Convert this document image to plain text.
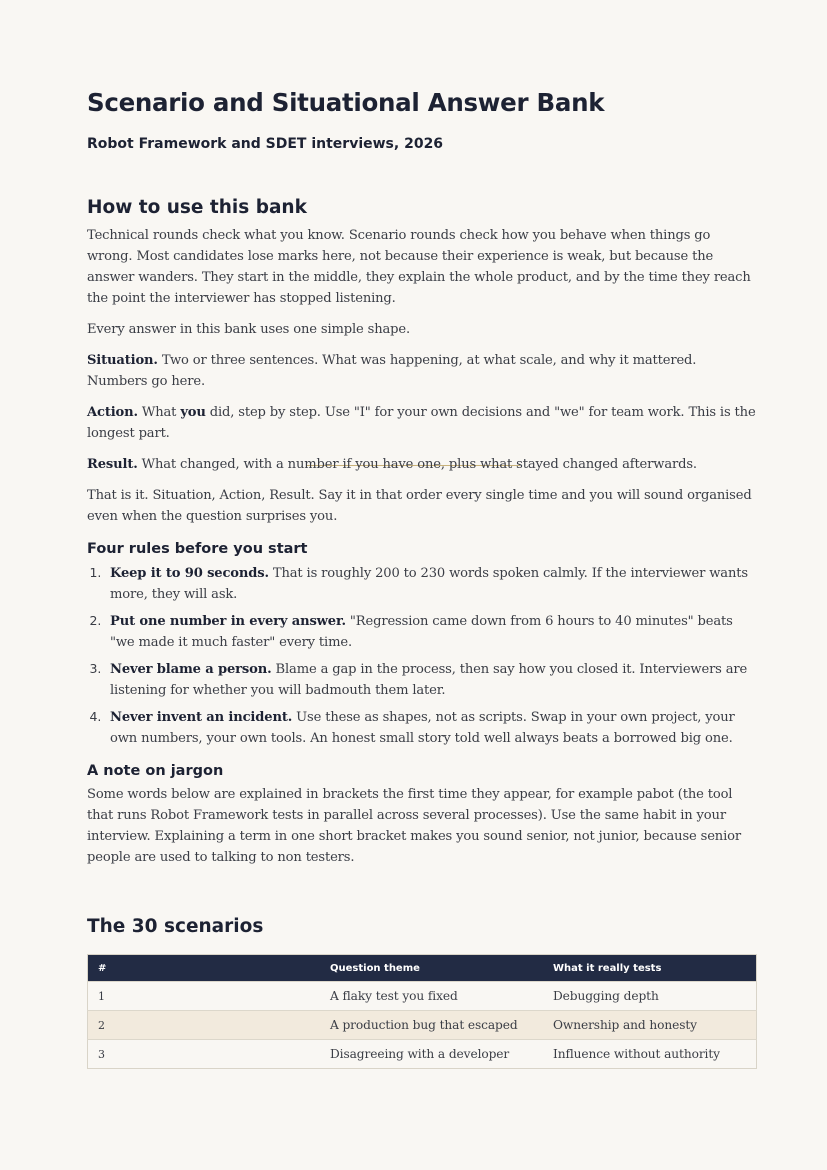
Scenario and Situational Answer Bank
Robot Framework and SDET interviews, 2026
How to use this bank

Technical rounds check what you know. Scenario rounds check how you behave when things go wrong. Most candidates lose marks here, not because their experience is weak, but because the answer wanders. They start in the middle, they explain the whole product, and by the time they reach the point the interviewer has stopped listening.

Every answer in this bank uses one simple shape.

Situation. Two or three sentences. What was happening, at what scale, and why it mattered. Numbers go here.

Action. What you did, step by step. Use "I" for your own decisions and "we" for team work. This is the longest part.

Result. What changed, with a number if you have one, plus what stayed changed afterwards.

That is it. Situation, Action, Result. Say it in that order every single time and you will sound organised even when the question surprises you.

Four rules before you start
1. Keep it to 90 seconds. That is roughly 200 to 230 words spoken calmly. If the interviewer wants more, they will ask.
2. Put one number in every answer. "Regression came down from 6 hours to 40 minutes" beats "we made it much faster" every time.
3. Never blame a person. Blame a gap in the process, then say how you closed it. Interviewers are listening for whether you will badmouth them later.
4. Never invent an incident. Use these as shapes, not as scripts. Swap in your own project, your own numbers, your own tools. An honest small story told well always beats a borrowed big one.
A note on jargon

Some words below are explained in brackets the first time they appear, for example pabot (the tool that runs Robot Framework tests in parallel across several processes). Use the same habit in your interview. Explaining a term in one short bracket makes you sound senior, not junior, because senior people are used to talking to non testers.

The 30 scenarios
#	Question theme	What it really tests
1	A flaky test you fixed	Debugging depth
2	A production bug that escaped	Ownership and honesty
3	Disagreeing with a developer	Influence without authority
